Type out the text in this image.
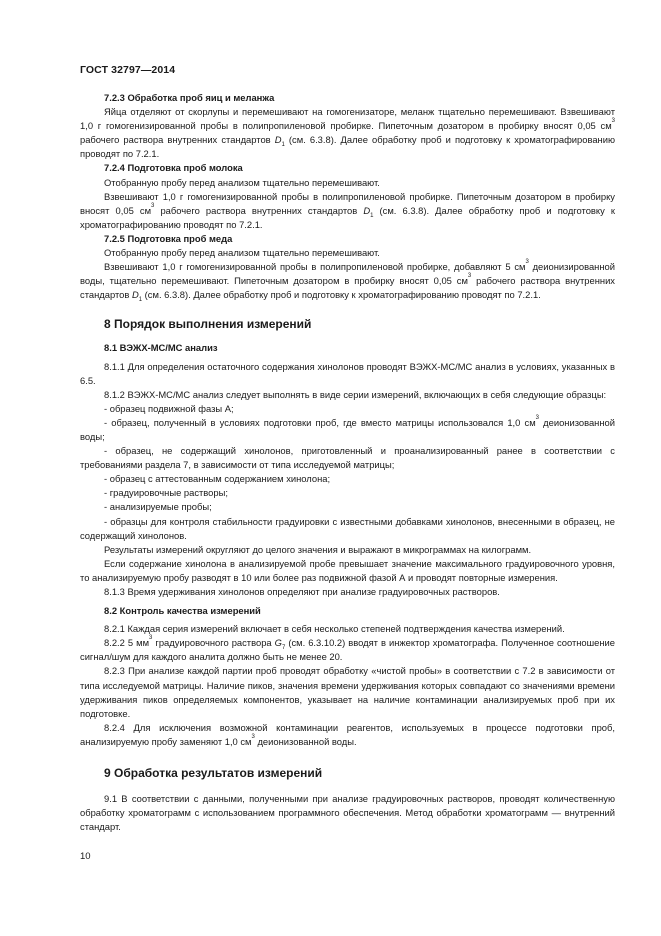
ГОСТ 32797—2014

7.2.3 Обработка проб яиц и меланжа

Яйца отделяют от скорлупы и перемешивают на гомогенизаторе, меланж тщательно перемешивают. Взвешивают 1,0 г гомогенизированной пробы в полипропиленовой пробирке. Пипеточным дозатором в пробирку вносят 0,05 $см^3$ рабочего раствора внутренних стандартов $D_1$ (см. 6.3.8). Далее обработку проб и подготовку к хроматографированию проводят по 7.2.1.

7.2.4 Подготовка проб молока

Отобранную пробу перед анализом тщательно перемешивают.

Взвешивают 1,0 г гомогенизированной пробы в полипропиленовой пробирке. Пипеточным дозатором в пробирку вносят 0,05 $см^3$ рабочего раствора внутренних стандартов $D_1$ (см. 6.3.8). Далее обработку проб и подготовку к хроматографированию проводят по 7.2.1.

7.2.5 Подготовка проб меда

Отобранную пробу перед анализом тщательно перемешивают.

Взвешивают 1,0 г гомогенизированной пробы в полипропиленовой пробирке, добавляют 5 $см^3$ деионизированной воды, тщательно перемешивают. Пипеточным дозатором в пробирку вносят 0,05 $см^3$ рабочего раствора внутренних стандартов $D_1$ (см. 6.3.8). Далее обработку проб и подготовку к хроматографированию проводят по 7.2.1.

8 Порядок выполнения измерений

8.1 ВЭЖХ-МС/МС анализ

8.1.1 Для определения остаточного содержания хинолонов проводят ВЭЖХ-МС/МС анализ в условиях, указанных в 6.5.

8.1.2 ВЭЖХ-МС/МС анализ следует выполнять в виде серии измерений, включающих в себя следующие образцы:

- образец подвижной фазы А;

- образец, полученный в условиях подготовки проб, где вместо матрицы использовался 1,0 $см^3$ деионизованной воды;

- образец, не содержащий хинолонов, приготовленный и проанализированный ранее в соответствии с требованиями раздела 7, в зависимости от типа исследуемой матрицы;

- образец с аттестованным содержанием хинолона;

- градуировочные растворы;

- анализируемые пробы;

- образцы для контроля стабильности градуировки с известными добавками хинолонов, внесенными в образец, не содержащий хинолонов.

Результаты измерений округляют до целого значения и выражают в микрограммах на килограмм.

Если содержание хинолона в анализируемой пробе превышает значение максимального градуировочного уровня, то анализируемую пробу разводят в 10 или более раз подвижной фазой А и проводят повторные измерения.

8.1.3 Время удерживания хинолонов определяют при анализе градуировочных растворов.

8.2 Контроль качества измерений

8.2.1 Каждая серия измерений включает в себя несколько степеней подтверждения качества измерений.

8.2.2 5 $мм^3$ градуировочного раствора $G_7$ (см. 6.3.10.2) вводят в инжектор хроматографа. Полученное соотношение сигнал/шум для каждого аналита должно быть не менее 20.

8.2.3 При анализе каждой партии проб проводят обработку «чистой пробы» в соответствии с 7.2 в зависимости от типа исследуемой матрицы. Наличие пиков, значения времени удерживания которых совпадают со значениями времени удерживания пиков определяемых компонентов, указывает на наличие контаминации анализируемых проб при их подготовке.

8.2.4 Для исключения возможной контаминации реагентов, используемых в процессе подготовки проб, анализируемую пробу заменяют 1,0 $см^3$ деионизованной воды.

9 Обработка результатов измерений

9.1 В соответствии с данными, полученными при анализе градуировочных растворов, проводят количественную обработку хроматограмм с использованием программного обеспечения. Метод обработки хроматограмм — внутренний стандарт.

10
